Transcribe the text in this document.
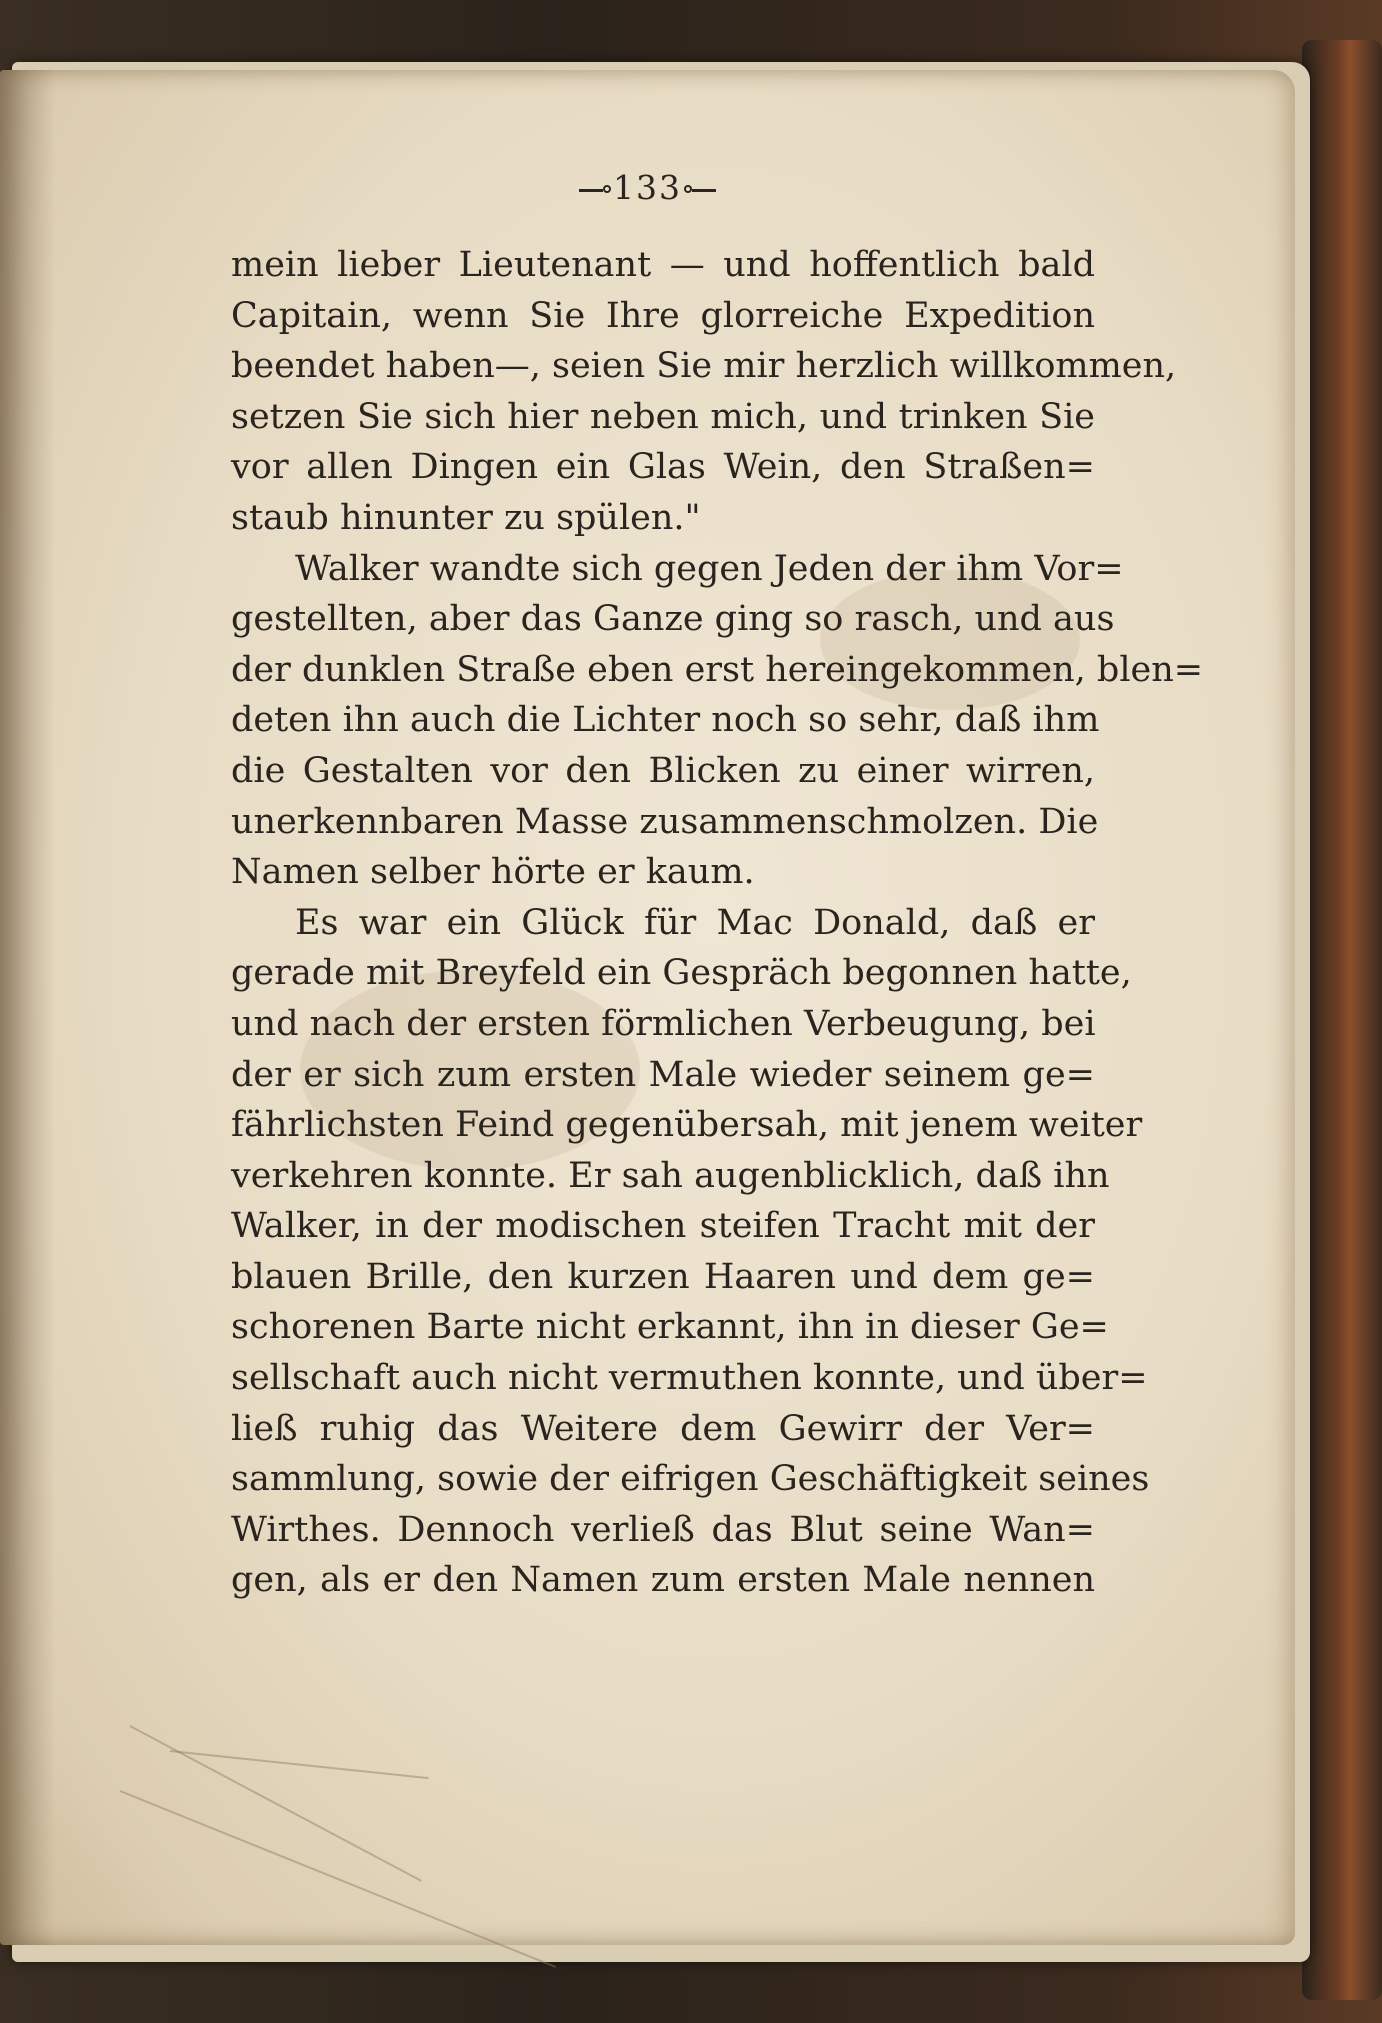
133
mein lieber Lieutenant — und hoffentlich bald
Capitain, wenn Sie Ihre glorreiche Expedition
beendet haben—, seien Sie mir herzlich willkommen,
setzen Sie sich hier neben mich, und trinken Sie
vor allen Dingen ein Glas Wein, den Straßen=
staub hinunter zu spülen."
Walker wandte sich gegen Jeden der ihm Vor=
gestellten, aber das Ganze ging so rasch, und aus
der dunklen Straße eben erst hereingekommen, blen=
deten ihn auch die Lichter noch so sehr, daß ihm
die Gestalten vor den Blicken zu einer wirren,
unerkennbaren Masse zusammenschmolzen. Die
Namen selber hörte er kaum.
Es war ein Glück für Mac Donald, daß er
gerade mit Breyfeld ein Gespräch begonnen hatte,
und nach der ersten förmlichen Verbeugung, bei
der er sich zum ersten Male wieder seinem ge=
fährlichsten Feind gegenübersah, mit jenem weiter
verkehren konnte. Er sah augenblicklich, daß ihn
Walker, in der modischen steifen Tracht mit der
blauen Brille, den kurzen Haaren und dem ge=
schorenen Barte nicht erkannt, ihn in dieser Ge=
sellschaft auch nicht vermuthen konnte, und über=
ließ ruhig das Weitere dem Gewirr der Ver=
sammlung, sowie der eifrigen Geschäftigkeit seines
Wirthes. Dennoch verließ das Blut seine Wan=
gen, als er den Namen zum ersten Male nennen
